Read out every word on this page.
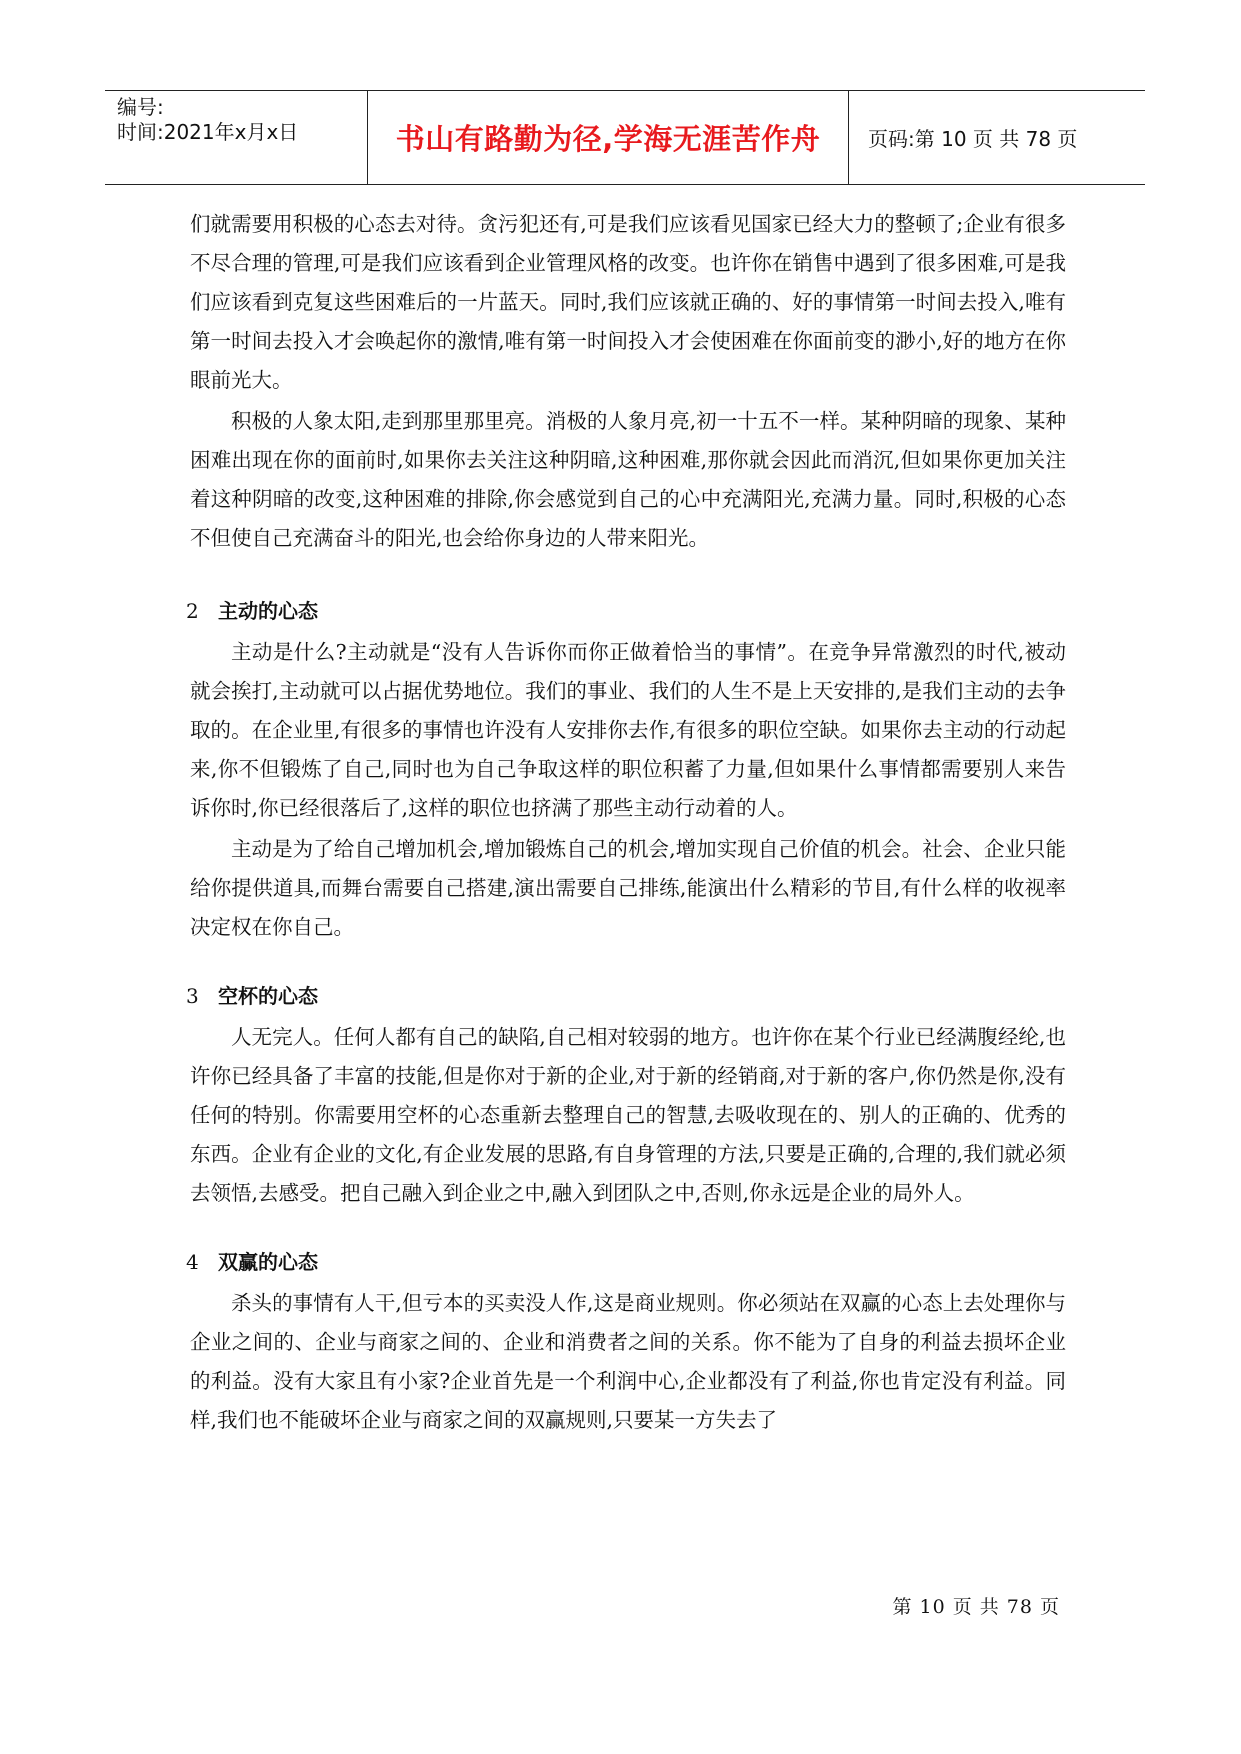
编号:
时间:2021年x月x日	书山有路勤为径,学海无涯苦作舟 页码:第 10 页 共 78 页

们就需要用积极的心态去对待。贪污犯还有,可是我们应该看见国家已经大力的整顿了;企业有很多不尽合理的管理,可是我们应该看到企业管理风格的改变。也许你在销售中遇到了很多困难,可是我们应该看到克复这些困难后的一片蓝天。同时,我们应该就正确的、好的事情第一时间去投入,唯有第一时间去投入才会唤起你的激情,唯有第一时间投入才会使困难在你面前变的渺小,好的地方在你眼前光大。

积极的人象太阳,走到那里那里亮。消极的人象月亮,初一十五不一样。某种阴暗的现象、某种困难出现在你的面前时,如果你去关注这种阴暗,这种困难,那你就会因此而消沉,但如果你更加关注着这种阴暗的改变,这种困难的排除,你会感觉到自己的心中充满阳光,充满力量。同时,积极的心态不但使自己充满奋斗的阳光,也会给你身边的人带来阳光。

2 主动的心态

主动是什么?主动就是“没有人告诉你而你正做着恰当的事情”。在竞争异常激烈的时代,被动就会挨打,主动就可以占据优势地位。我们的事业、我们的人生不是上天安排的,是我们主动的去争取的。在企业里,有很多的事情也许没有人安排你去作,有很多的职位空缺。如果你去主动的行动起来,你不但锻炼了自己,同时也为自己争取这样的职位积蓄了力量,但如果什么事情都需要别人来告诉你时,你已经很落后了,这样的职位也挤满了那些主动行动着的人。

主动是为了给自己增加机会,增加锻炼自己的机会,增加实现自己价值的机会。社会、企业只能给你提供道具,而舞台需要自己搭建,演出需要自己排练,能演出什么精彩的节目,有什么样的收视率决定权在你自己。

3 空杯的心态

人无完人。任何人都有自己的缺陷,自己相对较弱的地方。也许你在某个行业已经满腹经纶,也许你已经具备了丰富的技能,但是你对于新的企业,对于新的经销商,对于新的客户,你仍然是你,没有任何的特别。你需要用空杯的心态重新去整理自己的智慧,去吸收现在的、别人的正确的、优秀的东西。企业有企业的文化,有企业发展的思路,有自身管理的方法,只要是正确的,合理的,我们就必须去领悟,去感受。把自己融入到企业之中,融入到团队之中,否则,你永远是企业的局外人。

4 双赢的心态

杀头的事情有人干,但亏本的买卖没人作,这是商业规则。你必须站在双赢的心态上去处理你与企业之间的、企业与商家之间的、企业和消费者之间的关系。你不能为了自身的利益去损坏企业的利益。没有大家且有小家?企业首先是一个利润中心,企业都没有了利益,你也肯定没有利益。同样,我们也不能破坏企业与商家之间的双赢规则,只要某一方失去了

第 10 页 共 78 页
